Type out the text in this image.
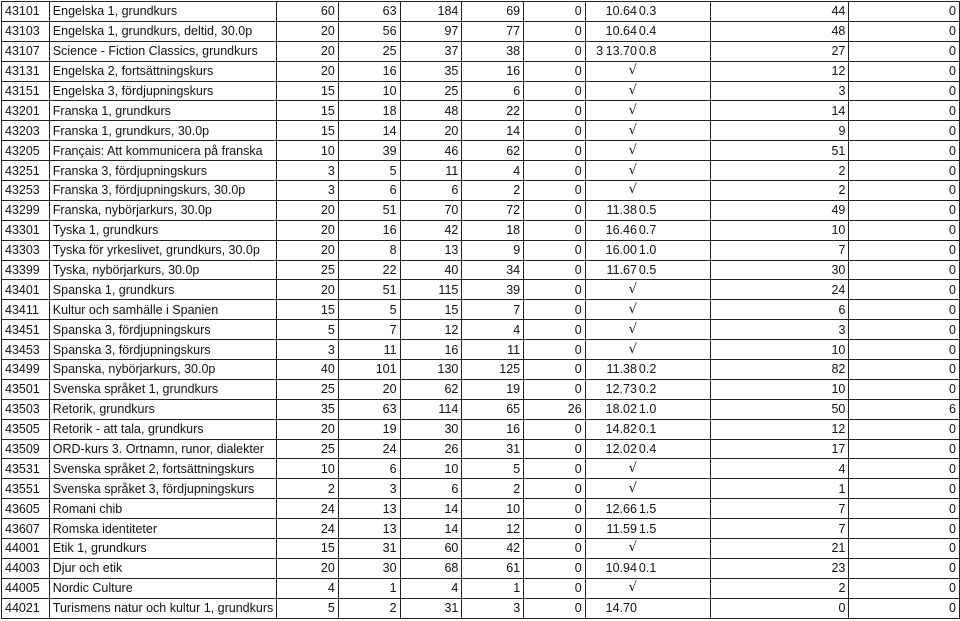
43101	Engelska 1, grundkurs	60	63	184	69	0	10.64	0.3	44	0
43103	Engelska 1, grundkurs, deltid, 30.0p	20	56	97	77	0	10.64	0.4	48	0
43107	Science - Fiction Classics, grundkurs	20	25	37	38	0	3 13.70	0.8	27	0
43131	Engelska 2, fortsättningskurs	20	16	35	16	0	√		12	0
43151	Engelska 3, fördjupningskurs	15	10	25	6	0	√		3	0
43201	Franska 1, grundkurs	15	18	48	22	0	√		14	0
43203	Franska 1, grundkurs, 30.0p	15	14	20	14	0	√		9	0
43205	Français: Att kommunicera på franska	10	39	46	62	0	√		51	0
43251	Franska 3, fördjupningskurs	3	5	11	4	0	√		2	0
43253	Franska 3, fördjupningskurs, 30.0p	3	6	6	2	0	√		2	0
43299	Franska, nybörjarkurs, 30.0p	20	51	70	72	0	11.38	0.5	49	0
43301	Tyska 1, grundkurs	20	16	42	18	0	16.46	0.7	10	0
43303	Tyska för yrkeslivet, grundkurs, 30.0p	20	8	13	9	0	16.00	1.0	7	0
43399	Tyska, nybörjarkurs, 30.0p	25	22	40	34	0	11.67	0.5	30	0
43401	Spanska 1, grundkurs	20	51	115	39	0	√		24	0
43411	Kultur och samhälle i Spanien	15	5	15	7	0	√		6	0
43451	Spanska 3, fördjupningskurs	5	7	12	4	0	√		3	0
43453	Spanska 3, fördjupningskurs	3	11	16	11	0	√		10	0
43499	Spanska, nybörjarkurs, 30.0p	40	101	130	125	0	11.38	0.2	82	0
43501	Svenska språket 1, grundkurs	25	20	62	19	0	12.73	0.2	10	0
43503	Retorik, grundkurs	35	63	114	65	26	18.02	1.0	50	6
43505	Retorik - att tala, grundkurs	20	19	30	16	0	14.82	0.1	12	0
43509	ORD-kurs 3. Ortnamn, runor, dialekter	25	24	26	31	0	12.02	0.4	17	0
43531	Svenska språket 2, fortsättningskurs	10	6	10	5	0	√		4	0
43551	Svenska språket 3, fördjupningskurs	2	3	6	2	0	√		1	0
43605	Romani chib	24	13	14	10	0	12.66	1.5	7	0
43607	Romska identiteter	24	13	14	12	0	11.59	1.5	7	0
44001	Etik 1, grundkurs	15	31	60	42	0	√		21	0
44003	Djur och etik	20	30	68	61	0	10.94	0.1	23	0
44005	Nordic Culture	4	1	4	1	0	√		2	0
44021	Turismens natur och kultur 1, grundkurs	5	2	31	3	0	14.70		0	0
